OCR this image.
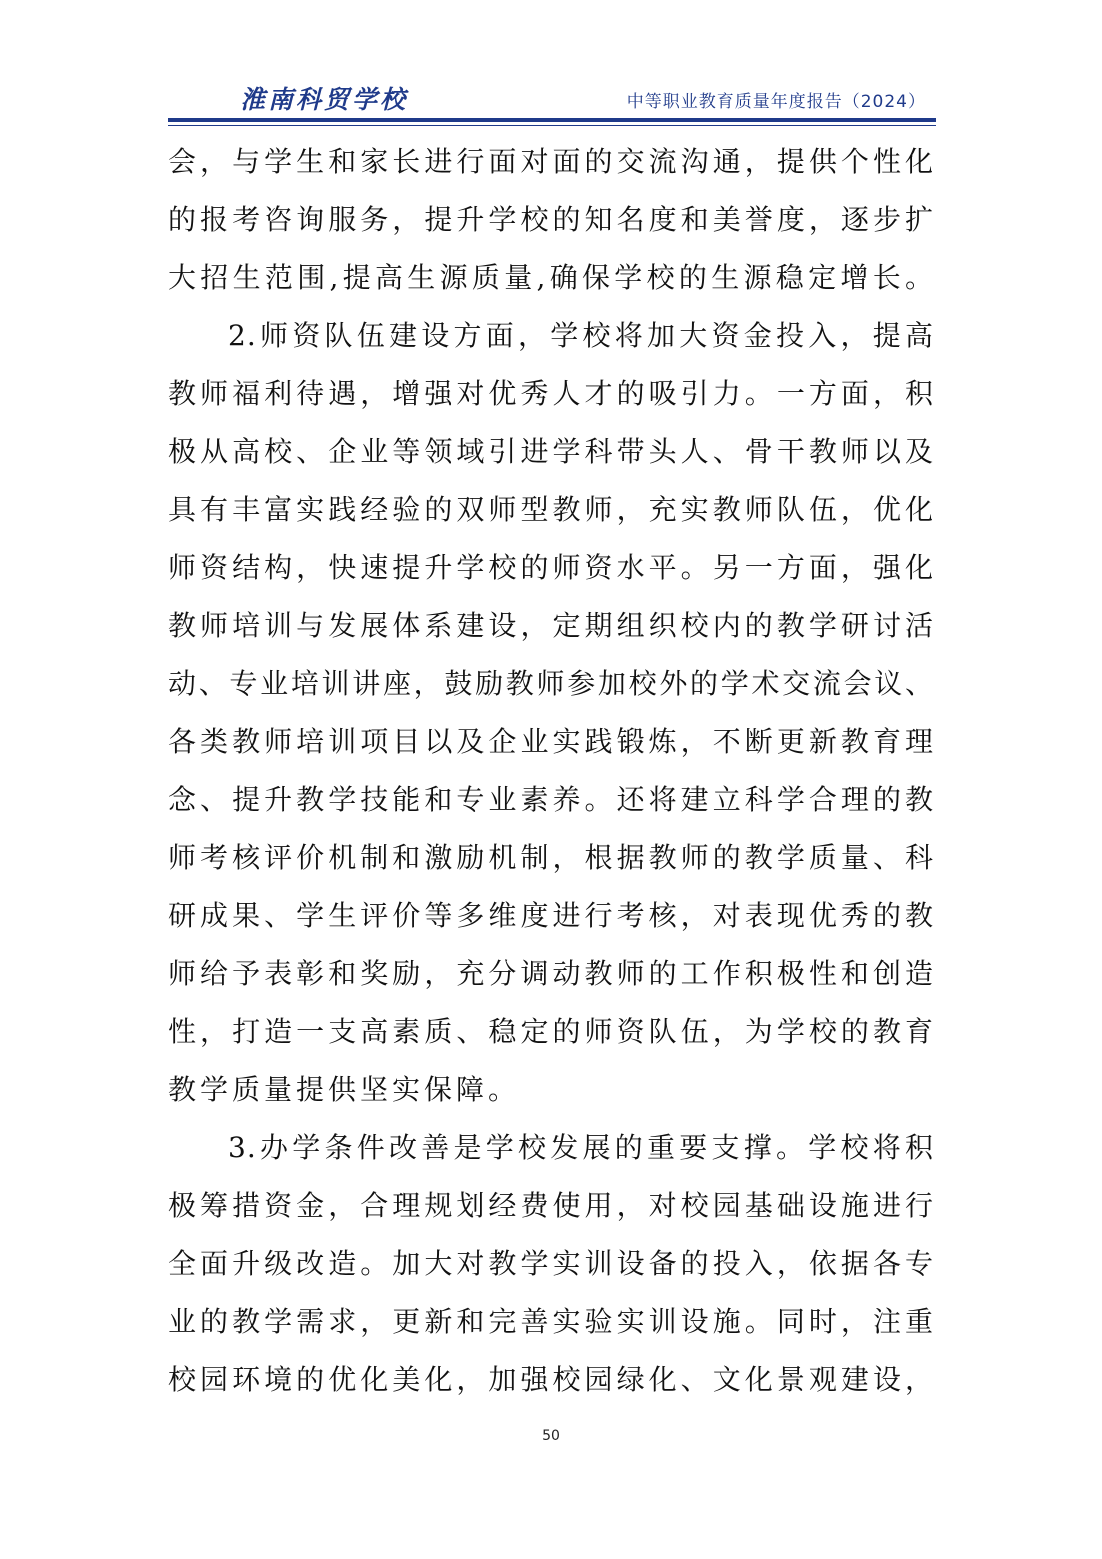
淮南科贸学校	中等职业教育质量年度报告（2024）
会，与学生和家长进行面对面的交流沟通，提供个性化
的报考咨询服务，提升学校的知名度和美誉度，逐步扩
大招生范围,提高生源质量,确保学校的生源稳定增长。
2.师资队伍建设方面，学校将加大资金投入，提高
教师福利待遇，增强对优秀人才的吸引力。一方面，积
极从高校、企业等领域引进学科带头人、骨干教师以及
具有丰富实践经验的双师型教师，充实教师队伍，优化
师资结构，快速提升学校的师资水平。另一方面，强化
教师培训与发展体系建设，定期组织校内的教学研讨活
动、专业培训讲座，鼓励教师参加校外的学术交流会议、
各类教师培训项目以及企业实践锻炼，不断更新教育理
念、提升教学技能和专业素养。还将建立科学合理的教
师考核评价机制和激励机制，根据教师的教学质量、科
研成果、学生评价等多维度进行考核，对表现优秀的教
师给予表彰和奖励，充分调动教师的工作积极性和创造
性，打造一支高素质、稳定的师资队伍，为学校的教育
教学质量提供坚实保障。
3.办学条件改善是学校发展的重要支撑。学校将积
极筹措资金，合理规划经费使用，对校园基础设施进行
全面升级改造。加大对教学实训设备的投入，依据各专
业的教学需求，更新和完善实验实训设施。同时，注重
校园环境的优化美化，加强校园绿化、文化景观建设，
50
